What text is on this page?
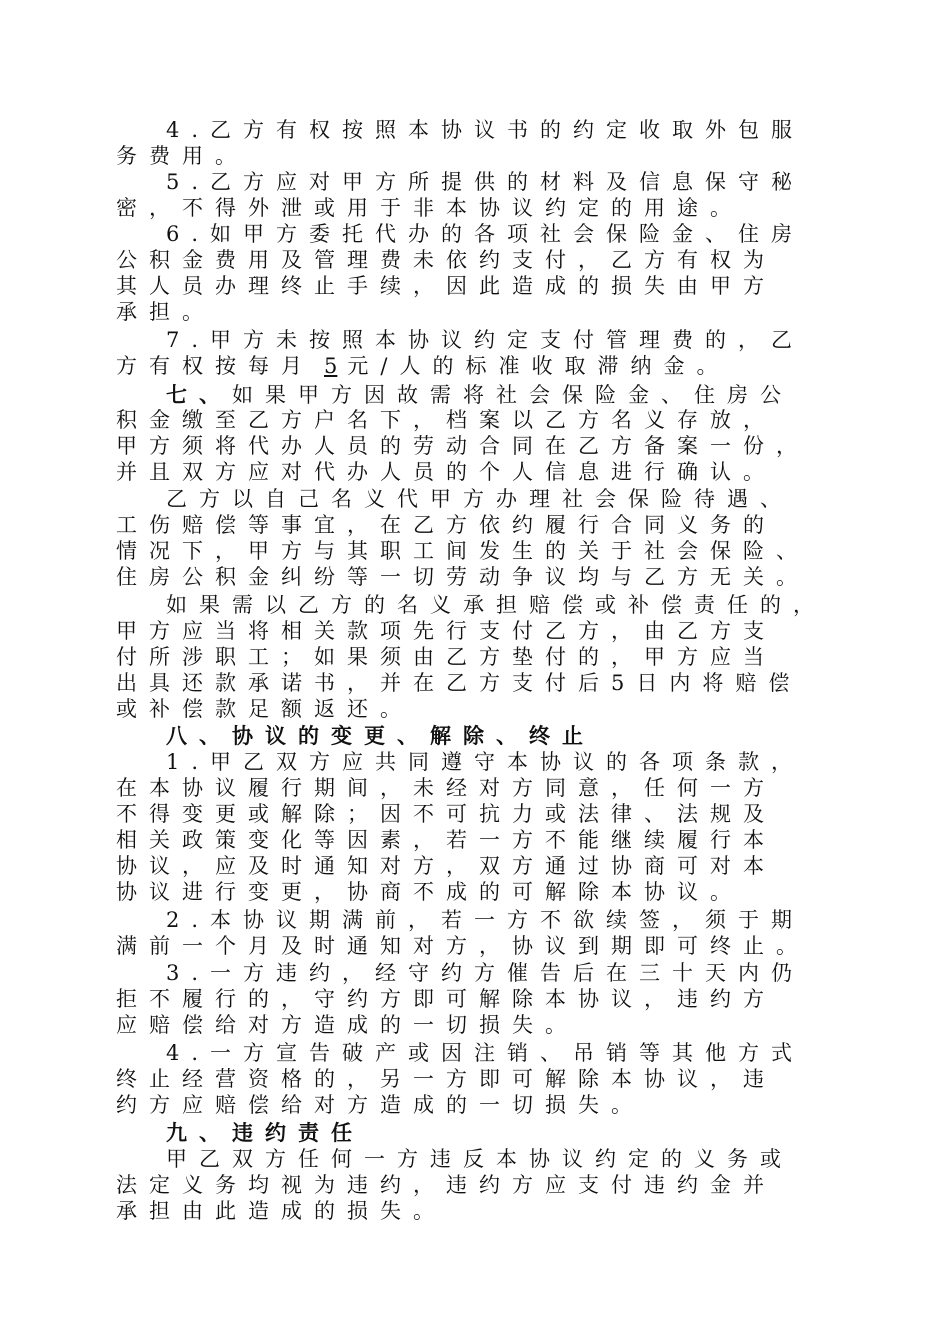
4.乙方有权按照本协议书的约定收取外包服
务费用。
5.乙方应对甲方所提供的材料及信息保守秘
密，不得外泄或用于非本协议约定的用途。
6.如甲方委托代办的各项社会保险金、住房
公积金费用及管理费未依约支付，乙方有权为
其人员办理终止手续，因此造成的损失由甲方
承担。
7.甲方未按照本协议约定支付管理费的，乙
方有权按每月 5 元/人的标准收取滞纳金。
七、如果甲方因故需将社会保险金、住房公
积金缴至乙方户名下，档案以乙方名义存放，
甲方须将代办人员的劳动合同在乙方备案一份，
并且双方应对代办人员的个人信息进行确认。
乙方以自己名义代甲方办理社会保险待遇、
工伤赔偿等事宜，在乙方依约履行合同义务的
情况下，甲方与其职工间发生的关于社会保险、
住房公积金纠纷等一切劳动争议均与乙方无关。
如果需以乙方的名义承担赔偿或补偿责任的，
甲方应当将相关款项先行支付乙方，由乙方支
付所涉职工；如果须由乙方垫付的，甲方应当
出具还款承诺书，并在乙方支付后5日内将赔偿
或补偿款足额返还。
八、协议的变更、解除、终止
1.甲乙双方应共同遵守本协议的各项条款，
在本协议履行期间，未经对方同意，任何一方
不得变更或解除；因不可抗力或法律、法规及
相关政策变化等因素，若一方不能继续履行本
协议，应及时通知对方，双方通过协商可对本
协议进行变更，协商不成的可解除本协议。
2.本协议期满前，若一方不欲续签，须于期
满前一个月及时通知对方，协议到期即可终止。
3.一方违约，经守约方催告后在三十天内仍
拒不履行的，守约方即可解除本协议，违约方
应赔偿给对方造成的一切损失。
4.一方宣告破产或因注销、吊销等其他方式
终止经营资格的，另一方即可解除本协议，违
约方应赔偿给对方造成的一切损失。
九、违约责任
甲乙双方任何一方违反本协议约定的义务或
法定义务均视为违约，违约方应支付违约金并
承担由此造成的损失。
